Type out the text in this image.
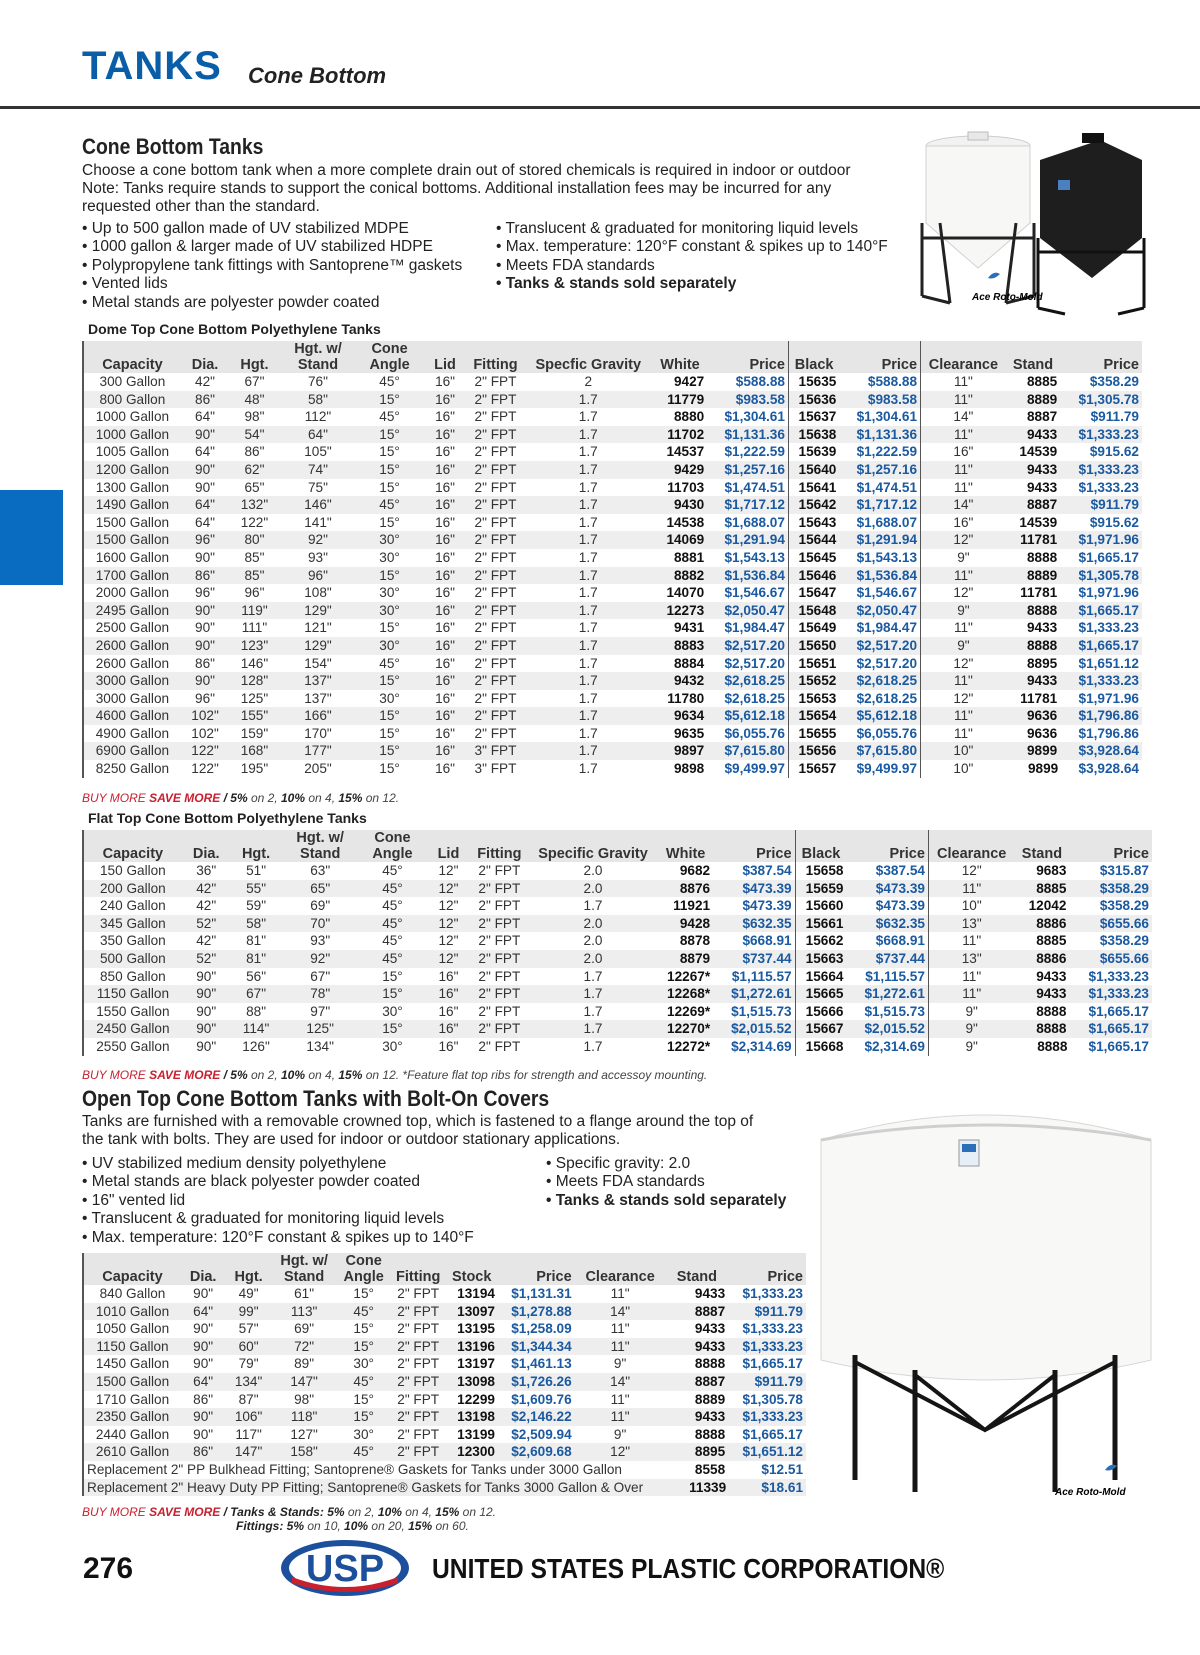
TANKS Cone Bottom
Cone Bottom Tanks
Choose a cone bottom tank when a more complete drain out of stored chemicals is required in indoor or outdoor
Note: Tanks require stands to support the conical bottoms. Additional installation fees may be incurred for any
requested other than the standard.
• Up to 500 gallon made of UV stabilized MDPE
• 1000 gallon & larger made of UV stabilized HDPE
• Polypropylene tank fittings with Santoprene™ gaskets
• Vented lids
• Metal stands are polyester powder coated
• Translucent & graduated for monitoring liquid levels
• Max. temperature: 120°F constant & spikes up to 140°F
• Meets FDA standards
• Tanks & stands sold separately
Ace Roto-Mold
Dome Top Cone Bottom Polyethylene Tanks
Capacity	Dia.	Hgt.	Hgt. w/ Stand	Cone Angle	Lid	Fitting	Specfic Gravity	White	Price	Black	Price	Clearance	Stand	Price
300 Gallon	42"	67"	76"	45°	16"	2" FPT	2	9427	$588.88	15635	$588.88	11"	8885	$358.29
800 Gallon	86"	48"	58"	15°	16"	2" FPT	1.7	11779	$983.58	15636	$983.58	11"	8889	$1,305.78
1000 Gallon	64"	98"	112"	45°	16"	2" FPT	1.7	8880	$1,304.61	15637	$1,304.61	14"	8887	$911.79
1000 Gallon	90"	54"	64"	15°	16"	2" FPT	1.7	11702	$1,131.36	15638	$1,131.36	11"	9433	$1,333.23
1005 Gallon	64"	86"	105"	15°	16"	2" FPT	1.7	14537	$1,222.59	15639	$1,222.59	16"	14539	$915.62
1200 Gallon	90"	62"	74"	15°	16"	2" FPT	1.7	9429	$1,257.16	15640	$1,257.16	11"	9433	$1,333.23
1300 Gallon	90"	65"	75"	15°	16"	2" FPT	1.7	11703	$1,474.51	15641	$1,474.51	11"	9433	$1,333.23
1490 Gallon	64"	132"	146"	45°	16"	2" FPT	1.7	9430	$1,717.12	15642	$1,717.12	14"	8887	$911.79
1500 Gallon	64"	122"	141"	15°	16"	2" FPT	1.7	14538	$1,688.07	15643	$1,688.07	16"	14539	$915.62
1500 Gallon	96"	80"	92"	30°	16"	2" FPT	1.7	14069	$1,291.94	15644	$1,291.94	12"	11781	$1,971.96
1600 Gallon	90"	85"	93"	30°	16"	2" FPT	1.7	8881	$1,543.13	15645	$1,543.13	9"	8888	$1,665.17
1700 Gallon	86"	85"	96"	15°	16"	2" FPT	1.7	8882	$1,536.84	15646	$1,536.84	11"	8889	$1,305.78
2000 Gallon	96"	96"	108"	30°	16"	2" FPT	1.7	14070	$1,546.67	15647	$1,546.67	12"	11781	$1,971.96
2495 Gallon	90"	119"	129"	30°	16"	2" FPT	1.7	12273	$2,050.47	15648	$2,050.47	9"	8888	$1,665.17
2500 Gallon	90"	111"	121"	15°	16"	2" FPT	1.7	9431	$1,984.47	15649	$1,984.47	11"	9433	$1,333.23
2600 Gallon	90"	123"	129"	30°	16"	2" FPT	1.7	8883	$2,517.20	15650	$2,517.20	9"	8888	$1,665.17
2600 Gallon	86"	146"	154"	45°	16"	2" FPT	1.7	8884	$2,517.20	15651	$2,517.20	12"	8895	$1,651.12
3000 Gallon	90"	128"	137"	15°	16"	2" FPT	1.7	9432	$2,618.25	15652	$2,618.25	11"	9433	$1,333.23
3000 Gallon	96"	125"	137"	30°	16"	2" FPT	1.7	11780	$2,618.25	15653	$2,618.25	12"	11781	$1,971.96
4600 Gallon	102"	155"	166"	15°	16"	2" FPT	1.7	9634	$5,612.18	15654	$5,612.18	11"	9636	$1,796.86
4900 Gallon	102"	159"	170"	15°	16"	2" FPT	1.7	9635	$6,055.76	15655	$6,055.76	11"	9636	$1,796.86
6900 Gallon	122"	168"	177"	15°	16"	3" FPT	1.7	9897	$7,615.80	15656	$7,615.80	10"	9899	$3,928.64
8250 Gallon	122"	195"	205"	15°	16"	3" FPT	1.7	9898	$9,499.97	15657	$9,499.97	10"	9899	$3,928.64
BUY MORE SAVE MORE / 5% on 2, 10% on 4, 15% on 12.
Flat Top Cone Bottom Polyethylene Tanks
Capacity	Dia.	Hgt.	Hgt. w/ Stand	Cone Angle	Lid	Fitting	Specific Gravity	White	Price	Black	Price	Clearance	Stand	Price
150 Gallon	36"	51"	63"	45°	12"	2" FPT	2.0	9682	$387.54	15658	$387.54	12"	9683	$315.87
200 Gallon	42"	55"	65"	45°	12"	2" FPT	2.0	8876	$473.39	15659	$473.39	11"	8885	$358.29
240 Gallon	42"	59"	69"	45°	12"	2" FPT	1.7	11921	$473.39	15660	$473.39	10"	12042	$358.29
345 Gallon	52"	58"	70"	45°	12"	2" FPT	2.0	9428	$632.35	15661	$632.35	13"	8886	$655.66
350 Gallon	42"	81"	93"	45°	12"	2" FPT	2.0	8878	$668.91	15662	$668.91	11"	8885	$358.29
500 Gallon	52"	81"	92"	45°	12"	2" FPT	2.0	8879	$737.44	15663	$737.44	13"	8886	$655.66
850 Gallon	90"	56"	67"	15°	16"	2" FPT	1.7	12267*	$1,115.57	15664	$1,115.57	11"	9433	$1,333.23
1150 Gallon	90"	67"	78"	15°	16"	2" FPT	1.7	12268*	$1,272.61	15665	$1,272.61	11"	9433	$1,333.23
1550 Gallon	90"	88"	97"	30°	16"	2" FPT	1.7	12269*	$1,515.73	15666	$1,515.73	9"	8888	$1,665.17
2450 Gallon	90"	114"	125"	15°	16"	2" FPT	1.7	12270*	$2,015.52	15667	$2,015.52	9"	8888	$1,665.17
2550 Gallon	90"	126"	134"	30°	16"	2" FPT	1.7	12272*	$2,314.69	15668	$2,314.69	9"	8888	$1,665.17
BUY MORE SAVE MORE / 5% on 2, 10% on 4, 15% on 12. *Feature flat top ribs for strength and accessoy mounting.
Open Top Cone Bottom Tanks with Bolt-On Covers
Tanks are furnished with a removable crowned top, which is fastened to a flange around the top of
the tank with bolts. They are used for indoor or outdoor stationary applications.
• UV stabilized medium density polyethylene
• Metal stands are black polyester powder coated
• 16" vented lid
• Translucent & graduated for monitoring liquid levels
• Max. temperature: 120°F constant & spikes up to 140°F
• Specific gravity: 2.0
• Meets FDA standards
• Tanks & stands sold separately
Ace Roto-Mold
Capacity	Dia.	Hgt.	Hgt. w/ Stand	Cone Angle	Fitting	Stock	Price	Clearance	Stand	Price
840 Gallon	90"	49"	61"	15°	2" FPT	13194	$1,131.31	11"	9433	$1,333.23
1010 Gallon	64"	99"	113"	45°	2" FPT	13097	$1,278.88	14"	8887	$911.79
1050 Gallon	90"	57"	69"	15°	2" FPT	13195	$1,258.09	11"	9433	$1,333.23
1150 Gallon	90"	60"	72"	15°	2" FPT	13196	$1,344.34	11"	9433	$1,333.23
1450 Gallon	90"	79"	89"	30°	2" FPT	13197	$1,461.13	9"	8888	$1,665.17
1500 Gallon	64"	134"	147"	45°	2" FPT	13098	$1,726.26	14"	8887	$911.79
1710 Gallon	86"	87"	98"	15°	2" FPT	12299	$1,609.76	11"	8889	$1,305.78
2350 Gallon	90"	106"	118"	15°	2" FPT	13198	$2,146.22	11"	9433	$1,333.23
2440 Gallon	90"	117"	127"	30°	2" FPT	13199	$2,509.94	9"	8888	$1,665.17
2610 Gallon	86"	147"	158"	45°	2" FPT	12300	$2,609.68	12"	8895	$1,651.12
Replacement 2" PP Bulkhead Fitting; Santoprene® Gaskets for Tanks under 3000 Gallon									8558	$12.51
Replacement 2" Heavy Duty PP Fitting; Santoprene® Gaskets for Tanks 3000 Gallon & Over									11339	$18.61
BUY MORE SAVE MORE / Tanks & Stands: 5% on 2, 10% on 4, 15% on 12.
Fittings: 5% on 10, 10% on 20, 15% on 60.
276	USP UNITED STATES PLASTIC CORPORATION®
